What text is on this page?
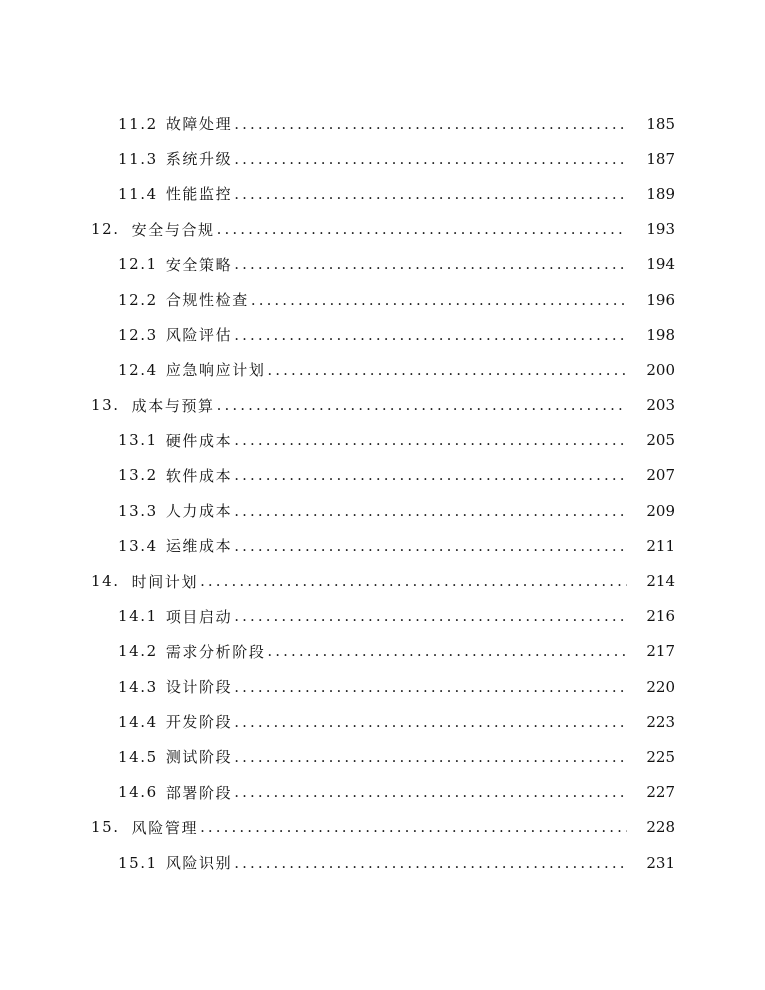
11.2 故障处理 .....	185
11.3 系统升级 .....	187
11.4 性能监控 .....	189
12. 安全与合规 .....	193
12.1 安全策略 .....	194
12.2 合规性检查 .....	196
12.3 风险评估 .....	198
12.4 应急响应计划 .....	200
13. 成本与预算 .....	203
13.1 硬件成本 .....	205
13.2 软件成本 .....	207
13.3 人力成本 .....	209
13.4 运维成本 .....	211
14. 时间计划 .....	214
14.1 项目启动 .....	216
14.2 需求分析阶段 .....	217
14.3 设计阶段 .....	220
14.4 开发阶段 .....	223
14.5 测试阶段 .....	225
14.6 部署阶段 .....	227
15. 风险管理 .....	228
15.1 风险识别 .....	231
